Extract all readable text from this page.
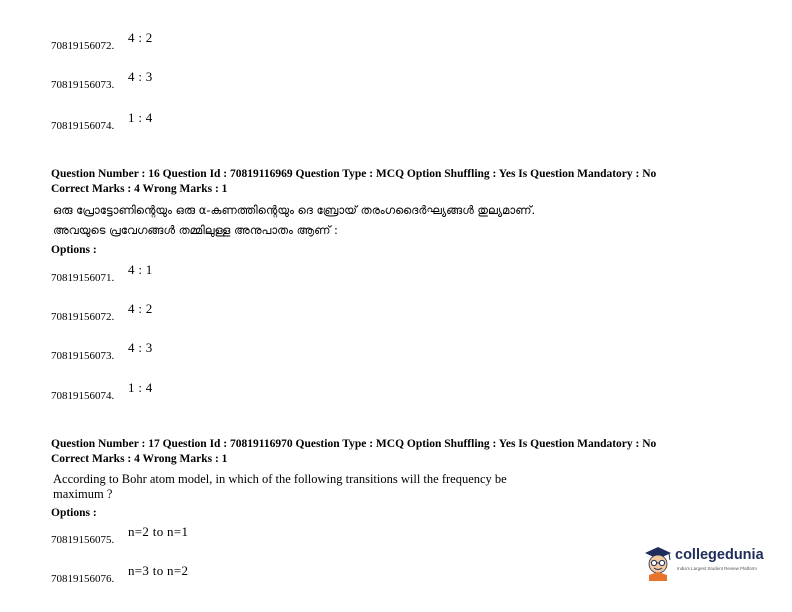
70819156072.
4 : 2
70819156073.
4 : 3
70819156074.
1 : 4
Question Number : 16 Question Id : 70819116969 Question Type : MCQ Option Shuffling : Yes Is Question Mandatory : No
Correct Marks : 4 Wrong Marks : 1
ഒരു പ്രോട്ടോണിന്റെയും ഒരു α-കണത്തിന്റെയും ദെ ബ്രോയ് തരംഗദൈർഘ്യങ്ങൾ തുല്യമാണ്.
അവയുടെ പ്രവേഗങ്ങൾ തമ്മിലുള്ള അനുപാതം ആണ് :
Options :
70819156071.
4 : 1
70819156072.
4 : 2
70819156073.
4 : 3
70819156074.
1 : 4
Question Number : 17 Question Id : 70819116970 Question Type : MCQ Option Shuffling : Yes Is Question Mandatory : No
Correct Marks : 4 Wrong Marks : 1
According to Bohr atom model, in which of the following transitions will the frequency be
maximum ?
Options :
70819156075.
n=2 to n=1
70819156076.
n=3 to n=2
collegedunia
India's Largest Student Review Platform
